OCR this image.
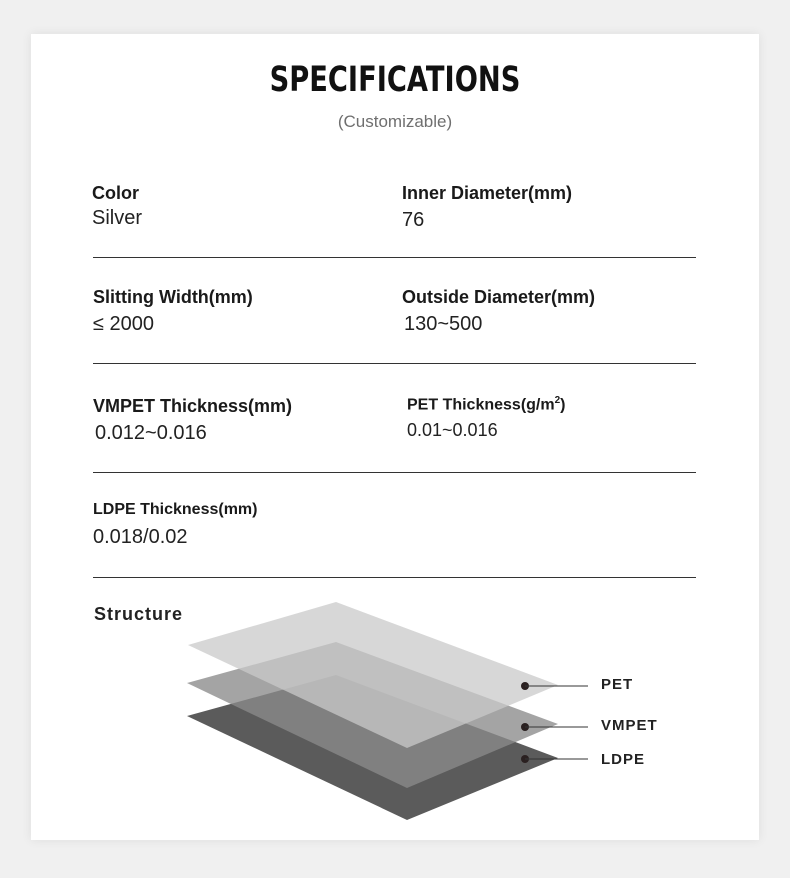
SPECIFICATIONS
(Customizable)
Color
Silver
Inner Diameter(mm)
76
Slitting Width(mm)
≤ 2000
Outside Diameter(mm)
130~500
VMPET Thickness(mm)
0.012~0.016
PET $Thickness(g/m^2)$
0.01~0.016
LDPE Thickness(mm)
0.018/0.02
Structure
PET
VMPET
LDPE
